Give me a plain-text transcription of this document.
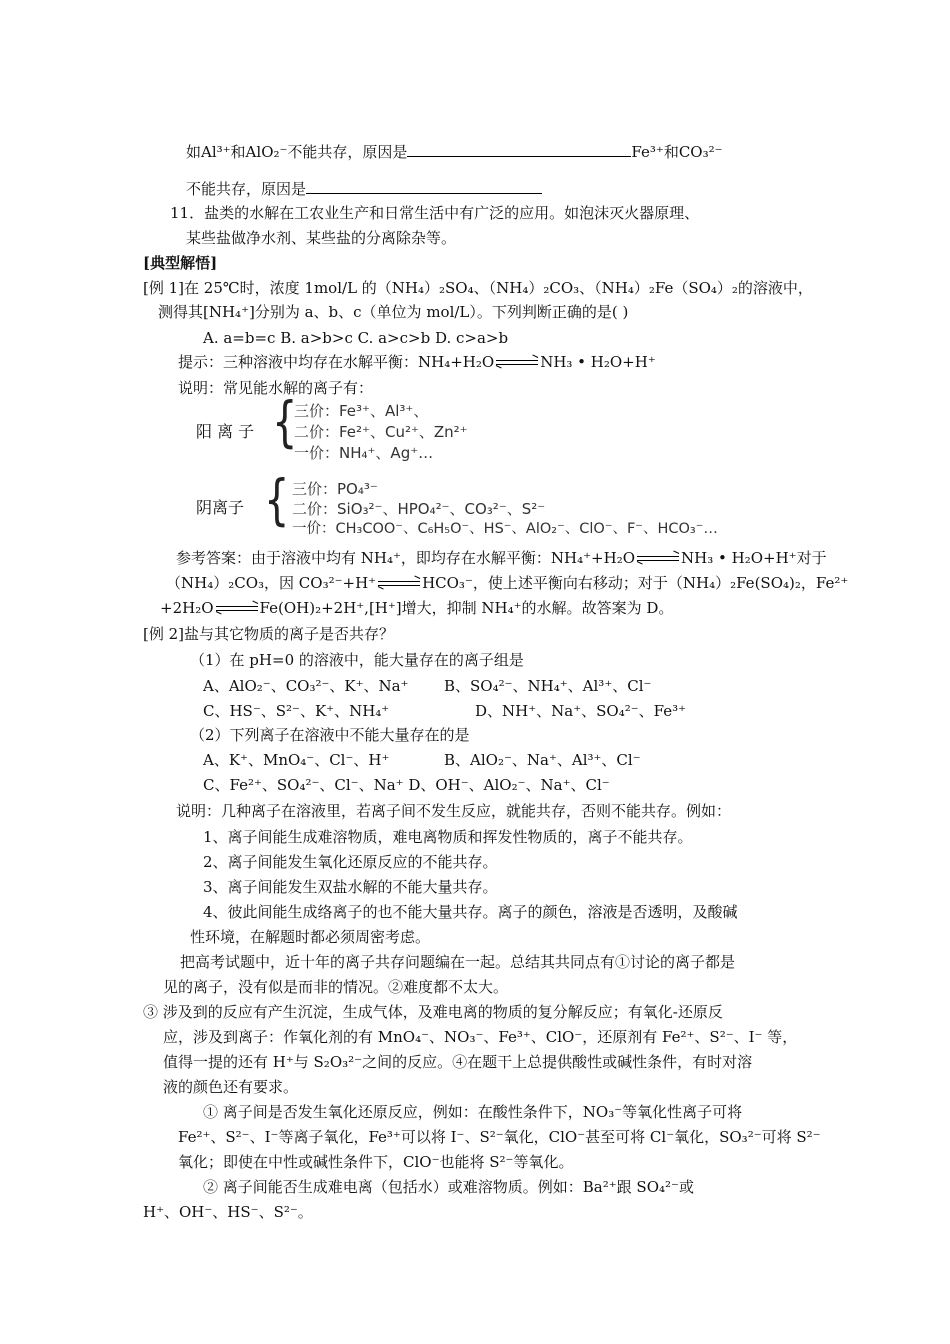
如Al³⁺和AlO₂⁻不能共存，原因是	Fe³⁺和CO₃²⁻
不能共存，原因是
11．盐类的水解在工农业生产和日常生活中有广泛的应用。如泡沫灭火器原理、
某些盐做净水剂、某些盐的分离除杂等。
[典型解悟]
[例 1]在 25℃时，浓度 1mol/L 的（NH₄）₂SO₄、（NH₄）₂CO₃、（NH₄）₂Fe（SO₄）₂的溶液中，
测得其[NH₄⁺]分别为 a、b、c（单位为 mol/L）。下列判断正确的是( )
A. a=b=c B. a>b>c C. a>c>b D. c>a>b
提示：三种溶液中均存在水解平衡：NH₄+H₂O	NH₃ • H₂O+H⁺
说明：常见能水解的离子有：
阳 离 子 {
三价：Fe³⁺、Al³⁺、
二价：Fe²⁺、Cu²⁺、Zn²⁺
一价：NH₄⁺、Ag⁺…
阴离子 { 三价：PO₄³⁻
二价：SiO₃²⁻、HPO₄²⁻、CO₃²⁻、S²⁻
一价：CH₃COO⁻、C₆H₅O⁻、HS⁻、AlO₂⁻、ClO⁻、F⁻、HCO₃⁻…
参考答案：由于溶液中均有 NH₄⁺，即均存在水解平衡：NH₄⁺+H₂O	NH₃ • H₂O+H⁺对于
（NH₄）₂CO₃，因 CO₃²⁻+H⁺	HCO₃⁻，使上述平衡向右移动；对于（NH₄）₂Fe(SO₄)₂，Fe²⁺
+2H₂O	Fe(OH)₂+2H⁺,[H⁺]增大，抑制 NH₄⁺的水解。故答案为 D。
[例 2]盐与其它物质的离子是否共存？
（1）在 pH=0 的溶液中，能大量存在的离子组是
A、AlO₂⁻、CO₃²⁻、K⁺、Na⁺ B、SO₄²⁻、NH₄⁺、Al³⁺、Cl⁻
C、HS⁻、S²⁻、K⁺、NH₄⁺	D、NH⁺、Na⁺、SO₄²⁻、Fe³⁺
（2）下列离子在溶液中不能大量存在的是
A、K⁺、MnO₄⁻、Cl⁻、H⁺	B、AlO₂⁻、Na⁺、Al³⁺、Cl⁻
C、Fe²⁺、SO₄²⁻、Cl⁻、Na⁺ D、OH⁻、AlO₂⁻、Na⁺、Cl⁻
说明：几种离子在溶液里，若离子间不发生反应，就能共存，否则不能共存。例如：
1、离子间能生成难溶物质，难电离物质和挥发性物质的，离子不能共存。
2、离子间能发生氧化还原反应的不能共存。
3、离子间能发生双盐水解的不能大量共存。
4、彼此间能生成络离子的也不能大量共存。离子的颜色，溶液是否透明，及酸碱
性环境，在解题时都必须周密考虑。
把高考试题中，近十年的离子共存问题编在一起。总结其共同点有①讨论的离子都是
见的离子，没有似是而非的情况。②难度都不太大。
③ 涉及到的反应有产生沉淀，生成气体，及难电离的物质的复分解反应；有氧化-还原反
应，涉及到离子：作氧化剂的有 MnO₄⁻、NO₃⁻、Fe³⁺、ClO⁻，还原剂有 Fe²⁺、S²⁻、I⁻ 等，
值得一提的还有 H⁺与 S₂O₃²⁻之间的反应。④在题干上总提供酸性或碱性条件，有时对溶
液的颜色还有要求。
① 离子间是否发生氧化还原反应，例如：在酸性条件下，NO₃⁻等氧化性离子可将
Fe²⁺、S²⁻、I⁻等离子氧化，Fe³⁺可以将 I⁻、S²⁻氧化，ClO⁻甚至可将 Cl⁻氧化，SO₃²⁻可将 S²⁻
氧化；即使在中性或碱性条件下，ClO⁻也能将 S²⁻等氧化。
② 离子间能否生成难电离（包括水）或难溶物质。例如：Ba²⁺跟 SO₄²⁻或
H⁺、OH⁻、HS⁻、S²⁻。
